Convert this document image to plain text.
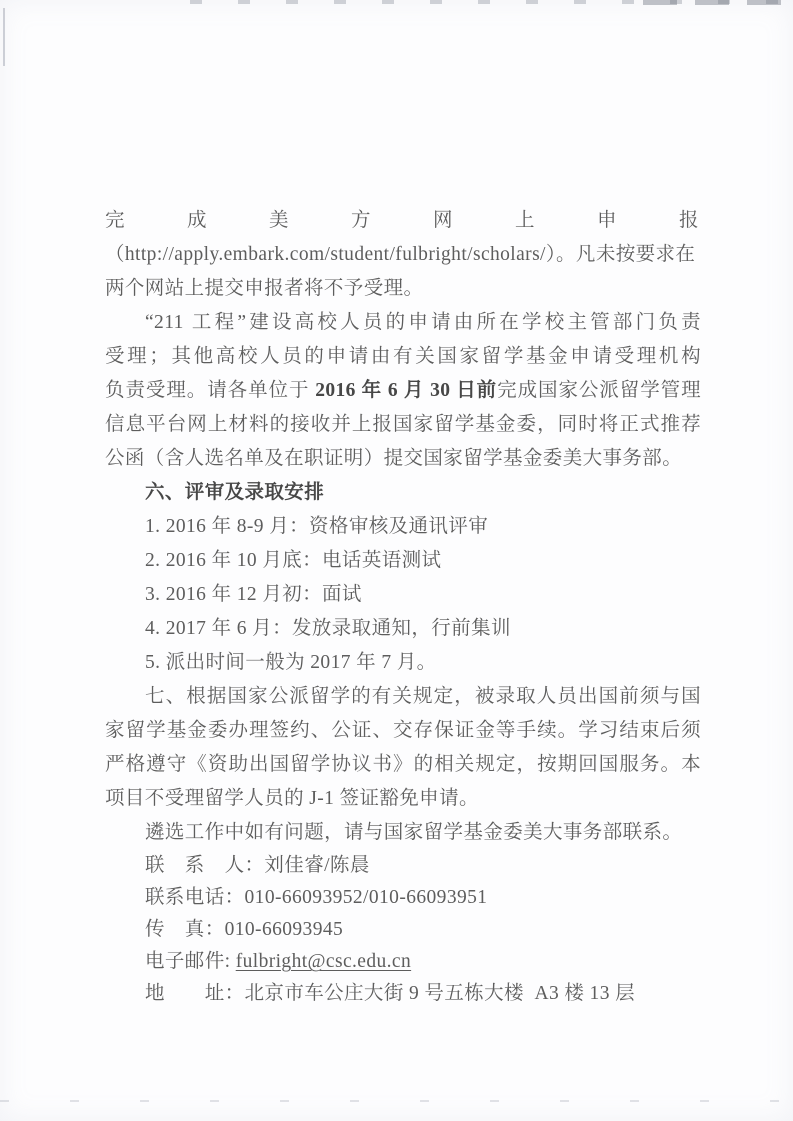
完	成	美	方	网	上	申	报
（http://apply.embark.com/student/fulbright/scholars/）。凡未按要求在
两个网站上提交申报者将不予受理。
“211 工程”建设高校人员的申请由所在学校主管部门负责
受理；其他高校人员的申请由有关国家留学基金申请受理机构
负责受理。请各单位于 2016 年 6 月 30 日前完成国家公派留学管理
信息平台网上材料的接收并上报国家留学基金委，同时将正式推荐
公函（含人选名单及在职证明）提交国家留学基金委美大事务部。
六、评审及录取安排
1. 2016 年 8-9 月：资格审核及通讯评审
2. 2016 年 10 月底：电话英语测试
3. 2016 年 12 月初：面试
4. 2017 年 6 月：发放录取通知，行前集训
5. 派出时间一般为 2017 年 7 月。
七、根据国家公派留学的有关规定，被录取人员出国前须与国
家留学基金委办理签约、公证、交存保证金等手续。学习结束后须
严格遵守《资助出国留学协议书》的相关规定，按期回国服务。本
项目不受理留学人员的 J-1 签证豁免申请。
遴选工作中如有问题，请与国家留学基金委美大事务部联系。
联　系　人：刘佳睿/陈晨
联系电话：010-66093952/010-66093951
传　真：010-66093945
电子邮件: fulbright@csc.edu.cn
地　　址：北京市车公庄大街 9 号五栋大楼  A3 楼 13 层
